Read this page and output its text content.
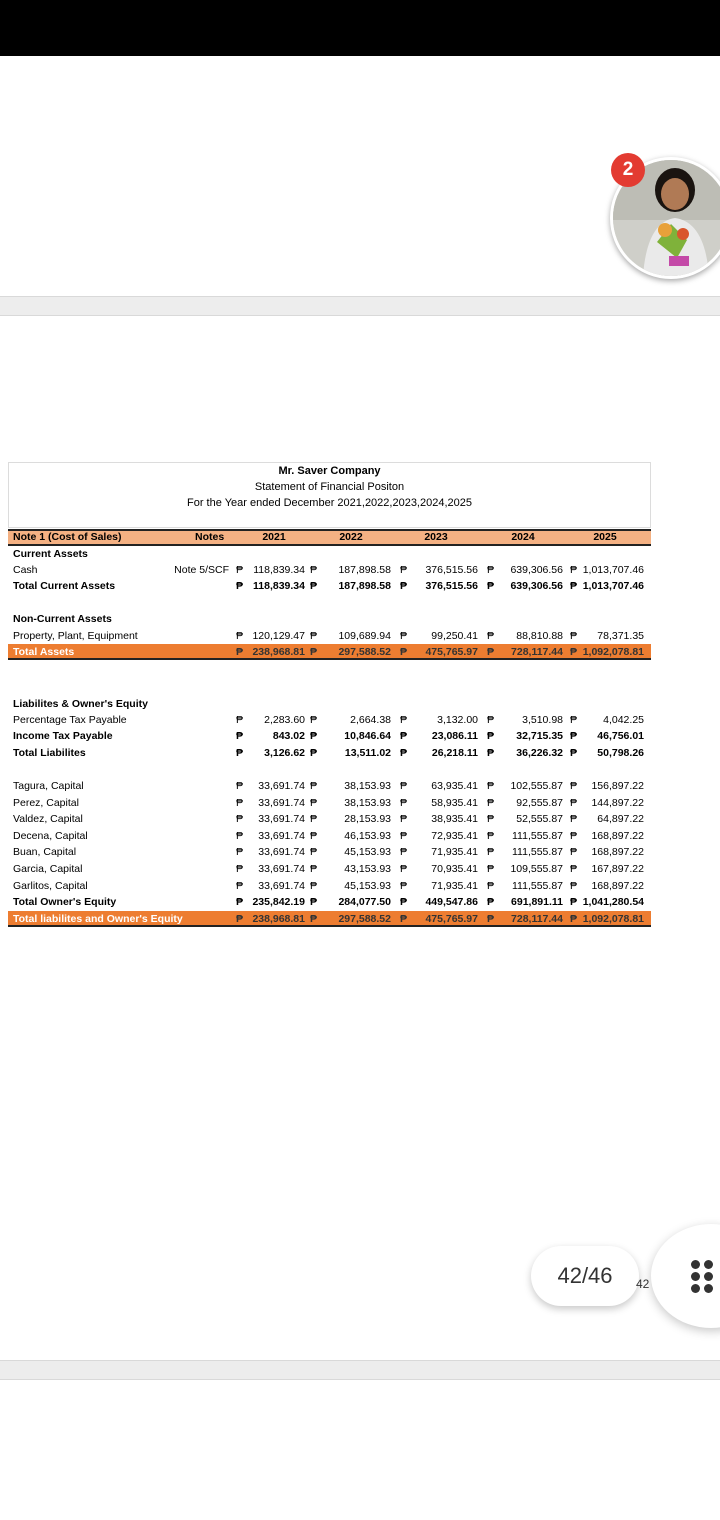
2
Mr. Saver Company
Statement of Financial Positon
For the Year ended December 2021,2022,2023,2024,2025
Note 1 (Cost of Sales)	Notes	2021	2022	2023	2024	2025
Current Assets
Cash	Note 5/SCF ₱ 118,839.34 ₱ 187,898.58 ₱ 376,515.56 ₱ 639,306.56 ₱ 1,013,707.46
Total Current Assets	₱ 118,839.34 ₱ 187,898.58 ₱ 376,515.56 ₱ 639,306.56 ₱ 1,013,707.46
Non-Current Assets
Property, Plant, Equipment	₱ 120,129.47 ₱ 109,689.94 ₱ 99,250.41 ₱ 88,810.88 ₱ 78,371.35
Total Assets	₱ 238,968.81 ₱ 297,588.52 ₱ 475,765.97 ₱ 728,117.44 ₱ 1,092,078.81
Liabilites & Owner's Equity
Percentage Tax Payable	₱ 2,283.60 ₱	2,664.38 ₱	3,132.00 ₱	3,510.98 ₱ 4,042.25
Income Tax Payable	₱	843.02 ₱	10,846.64 ₱ 23,086.11 ₱ 32,715.35 ₱ 46,756.01
Total Liabilites	₱ 3,126.62 ₱	13,511.02 ₱ 26,218.11 ₱ 36,226.32 ₱ 50,798.26
Tagura, Capital	₱ 33,691.74 ₱	38,153.93 ₱ 63,935.41 ₱ 102,555.87 ₱ 156,897.22
Perez, Capital	₱ 33,691.74 ₱	38,153.93 ₱ 58,935.41 ₱ 92,555.87 ₱ 144,897.22
Valdez, Capital	₱ 33,691.74 ₱	28,153.93 ₱ 38,935.41 ₱ 52,555.87 ₱ 64,897.22
Decena, Capital	₱ 33,691.74 ₱	46,153.93 ₱ 72,935.41 ₱ 111,555.87 ₱ 168,897.22
Buan, Capital	₱ 33,691.74 ₱	45,153.93 ₱ 71,935.41 ₱ 111,555.87 ₱ 168,897.22
Garcia, Capital	₱ 33,691.74 ₱	43,153.93 ₱ 70,935.41 ₱ 109,555.87 ₱ 167,897.22
Garlitos, Capital	₱ 33,691.74 ₱	45,153.93 ₱ 71,935.41 ₱ 111,555.87 ₱ 168,897.22
Total Owner's Equity	₱ 235,842.19 ₱ 284,077.50 ₱ 449,547.86 ₱ 691,891.11 ₱ 1,041,280.54
Total liabilites and Owner's Equity	₱ 238,968.81 ₱ 297,588.52 ₱ 475,765.97 ₱ 728,117.44 ₱ 1,092,078.81
42/46	42
